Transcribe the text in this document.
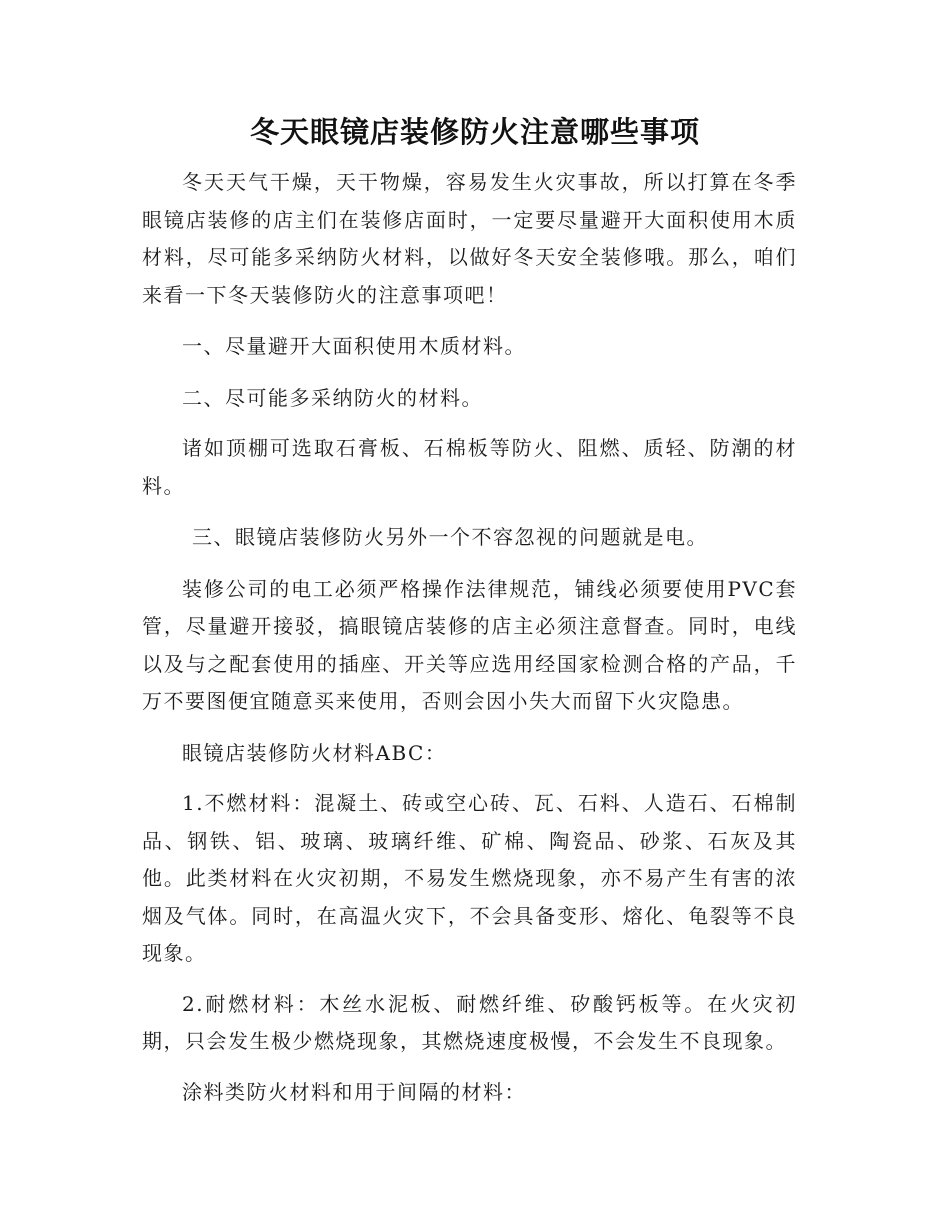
冬天眼镜店装修防火注意哪些事项

冬天天气干燥，天干物燥，容易发生火灾事故，所以打算在冬季眼镜店装修的店主们在装修店面时，一定要尽量避开大面积使用木质材料，尽可能多采纳防火材料，以做好冬天安全装修哦。那么，咱们来看一下冬天装修防火的注意事项吧！

一、尽量避开大面积使用木质材料。

二、尽可能多采纳防火的材料。

诸如顶棚可选取石膏板、石棉板等防火、阻燃、质轻、防潮的材料。

三、眼镜店装修防火另外一个不容忽视的问题就是电。

装修公司的电工必须严格操作法律规范，铺线必须要使用PVC套管，尽量避开接驳，搞眼镜店装修的店主必须注意督查。同时，电线以及与之配套使用的插座、开关等应选用经国家检测合格的产品，千万不要图便宜随意买来使用，否则会因小失大而留下火灾隐患。

眼镜店装修防火材料ABC：

1.不燃材料：混凝土、砖或空心砖、瓦、石料、人造石、石棉制品、钢铁、铝、玻璃、玻璃纤维、矿棉、陶瓷品、砂浆、石灰及其他。此类材料在火灾初期，不易发生燃烧现象，亦不易产生有害的浓烟及气体。同时，在高温火灾下，不会具备变形、熔化、龟裂等不良现象。

2.耐燃材料：木丝水泥板、耐燃纤维、矽酸钙板等。在火灾初期，只会发生极少燃烧现象，其燃烧速度极慢，不会发生不良现象。

涂料类防火材料和用于间隔的材料：
